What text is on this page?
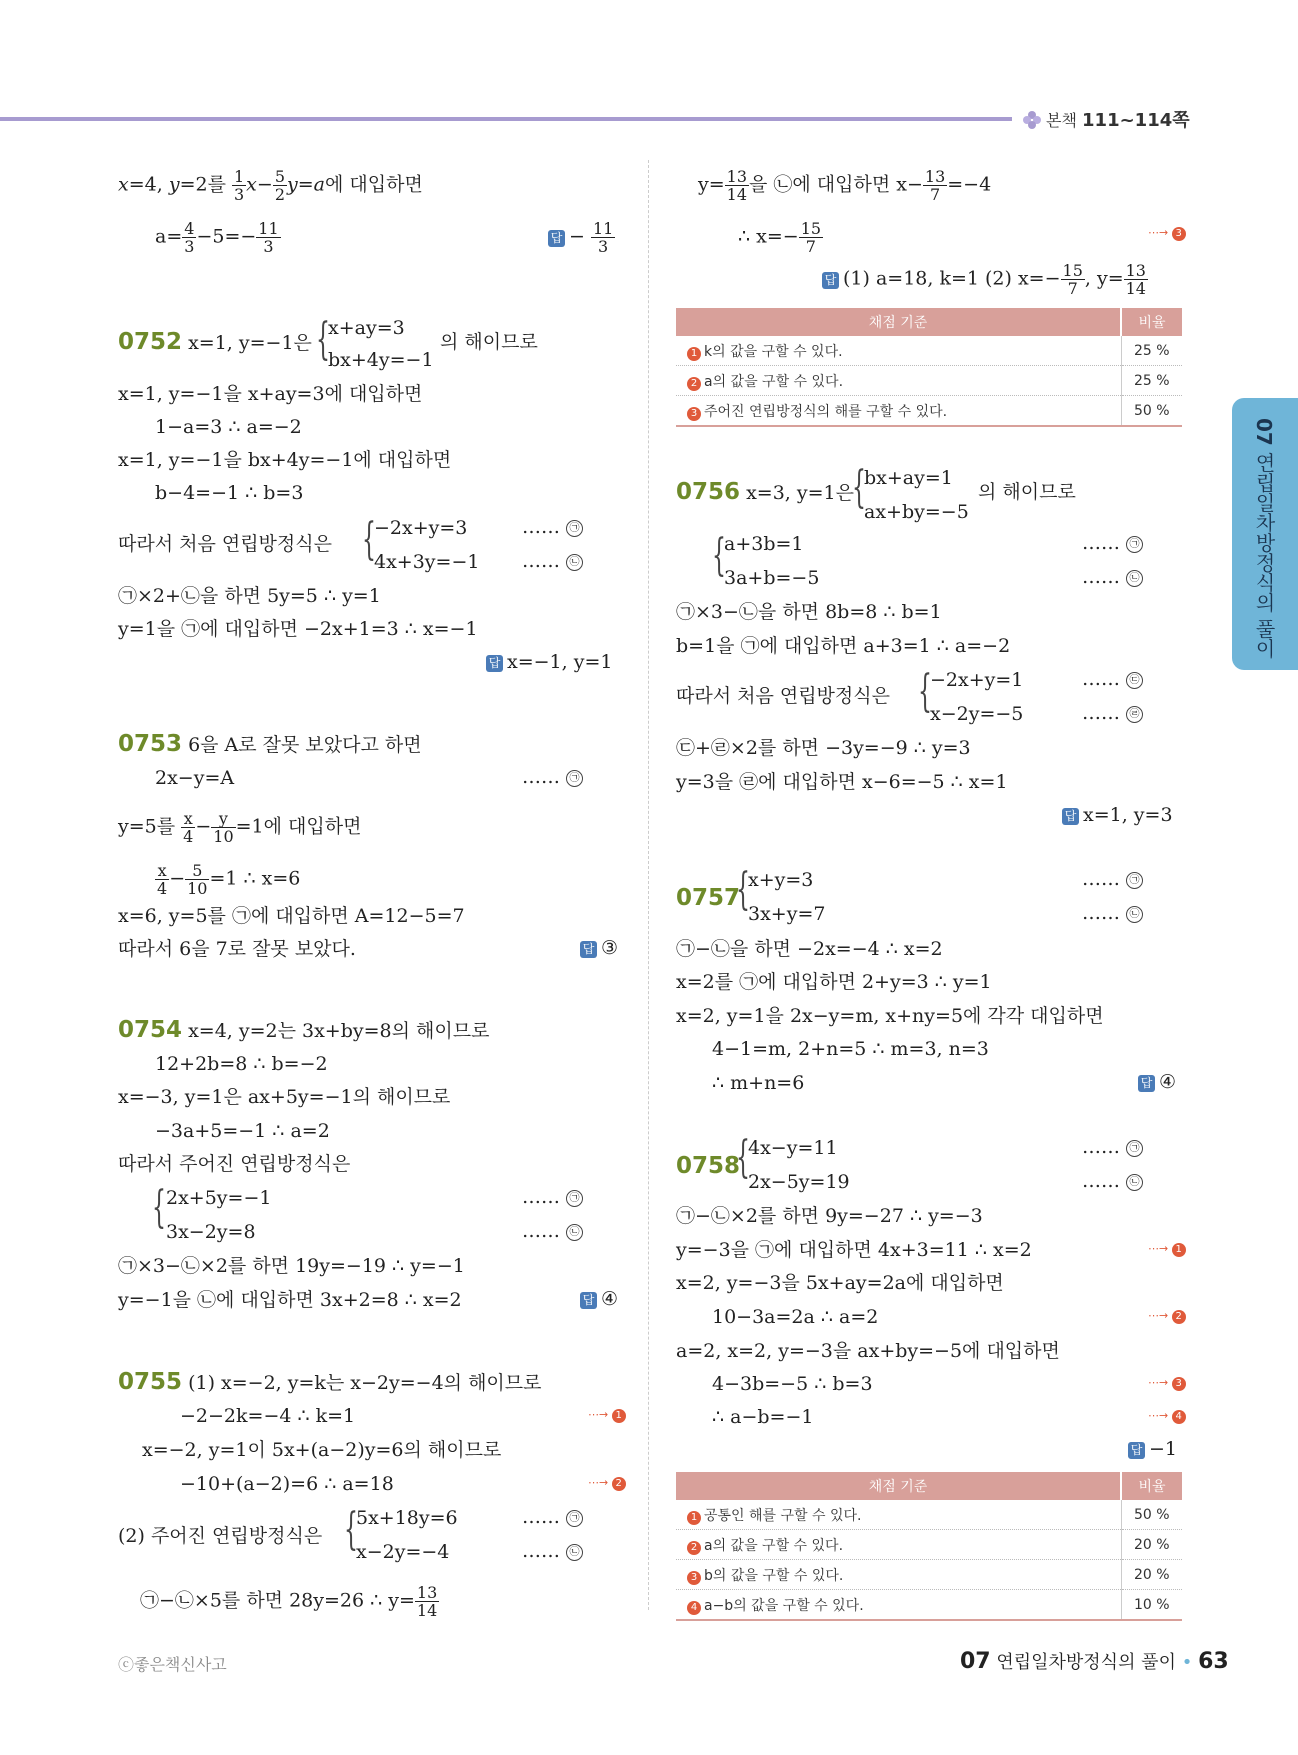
본책 111~114쪽
x=4, y=2를 $\frac{1}{3} x- \frac{5}{2} y=a$에 대입하면
$a= \frac{4}{3} -5=- \frac{11}{3}$	답 − $\frac{11}{3}$
0752 x=1, y=−1은 {
x+ay=3
bx+4y=−1
의 해이므로
x=1, y=−1을 x+ay=3에 대입하면
1−a=3 ∴ a=−2
x=1, y=−1을 bx+4y=−1에 대입하면
b−4=−1 ∴ b=3
따라서 처음 연립방정식은 {
−2x+y=3
4x+3y=−1
…… ㉠
…… ㉡
㉠×2+㉡을 하면 5y=5 ∴ y=1
y=1을 ㉠에 대입하면 −2x+1=3 ∴ x=−1
답 x=−1, y=1
0753 6을 A로 잘못 보았다고 하면
2x−y=A	…… ㉠
y=5를 $\frac{x}{4} - \frac{y}{10} =1$에 대입하면
$\frac{x}{4} - \frac{5}{10} =1$ ∴ x=6
x=6, y=5를 ㉠에 대입하면 A=12−5=7
따라서 6을 7로 잘못 보았다.	답 ③
0754 x=4, y=2는 3x+by=8의 해이므로
12+2b=8 ∴ b=−2
x=−3, y=1은 ax+5y=−1의 해이므로
−3a+5=−1 ∴ a=2
따라서 주어진 연립방정식은
{ 2x+5y=−1
3x−2y=8
…… ㉠
…… ㉡
㉠×3−㉡×2를 하면 19y=−19 ∴ y=−1
y=−1을 ㉡에 대입하면 3x+2=8 ∴ x=2	답 ④
0755 (1) x=−2, y=k는 x−2y=−4의 해이므로
−2−2k=−4 ∴ k=1	⋯→ 1
x=−2, y=1이 5x+(a−2)y=6의 해이므로
−10+(a−2)=6 ∴ a=18	⋯→ 2
(2) 주어진 연립방정식은 {
5x+18y=6
x−2y=−4
…… ㉠
…… ㉡
㉠−㉡×5를 하면 28y=26 ∴ $y= \frac{13}{14}$
$y= \frac{13}{14}$ 을 ㉡에 대입하면 $x- \frac{13}{7} =-4$
∴ $x=- \frac{15}{7}$	⋯→ 3
답 (1) a=18, k=1 (2) $x=- \frac{15}{7}$ , $y= \frac{13}{14}$
채점 기준	비율
1 k의 값을 구할 수 있다.	25 %
2 a의 값을 구할 수 있다.	25 %
3 주어진 연립방정식의 해를 구할 수 있다.	50 %
0756 x=3, y=1은
{
bx+ay=1
ax+by=−5
의 해이므로
{
a+3b=1
3a+b=−5
…… ㉠
…… ㉡
㉠×3−㉡을 하면 8b=8 ∴ b=1
b=1을 ㉠에 대입하면 a+3=1 ∴ a=−2
따라서 처음 연립방정식은 {
−2x+y=1
x−2y=−5
…… ㉢
…… ㉣
㉢+㉣×2를 하면 −3y=−9 ∴ y=3
y=3을 ㉣에 대입하면 x−6=−5 ∴ x=1
답 x=1, y=3
0757
{
x+y=3
3x+y=7
…… ㉠
…… ㉡
㉠−㉡을 하면 −2x=−4 ∴ x=2
x=2를 ㉠에 대입하면 2+y=3 ∴ y=1
x=2, y=1을 2x−y=m, x+ny=5에 각각 대입하면
4−1=m, 2+n=5 ∴ m=3, n=3
∴ m+n=6	답 ④
0758
{
4x−y=11
2x−5y=19
…… ㉠
…… ㉡
㉠−㉡×2를 하면 9y=−27 ∴ y=−3
y=−3을 ㉠에 대입하면 4x+3=11 ∴ x=2	⋯→ 1
x=2, y=−3을 5x+ay=2a에 대입하면
10−3a=2a ∴ a=2	⋯→ 2
a=2, x=2, y=−3을 ax+by=−5에 대입하면
4−3b=−5 ∴ b=3	⋯→ 3
∴ a−b=−1	⋯→ 4
답 −1
채점 기준	비율
1 공통인 해를 구할 수 있다.	50 %
2 a의 값을 구할 수 있다.	20 %
3 b의 값을 구할 수 있다.	20 %
4 a−b의 값을 구할 수 있다.	10 %
07 연립일차방정식의 풀이
ⓒ좋은책신사고	07 연립일차방정식의 풀이 • 63
